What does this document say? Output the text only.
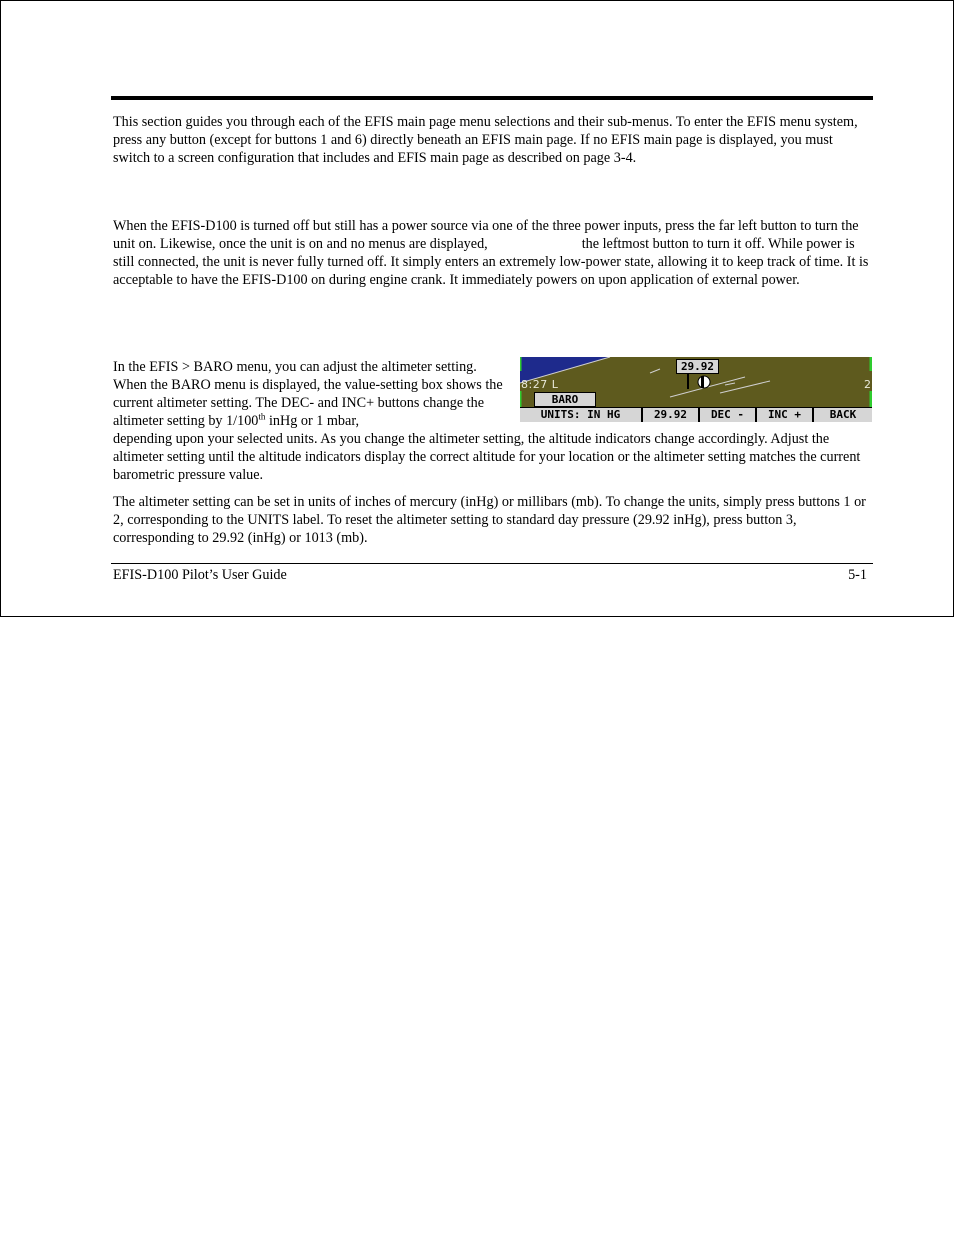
This section guides you through each of the EFIS main page menu selections and their sub-menus. To enter the EFIS menu system, press any button (except for buttons 1 and 6) directly beneath an EFIS main page. If no EFIS main page is displayed, you must switch to a screen configuration that includes and EFIS main page as described on page 3-4.

When the EFIS-D100 is turned off but still has a power source via one of the three power inputs, press the far left button to turn the unit on. Likewise, once the unit is on and no menus are displayed,	the leftmost button to turn it off. While power is still connected, the unit is never fully turned off. It simply enters an extremely low-power state, allowing it to keep track of time. It is acceptable to have the EFIS-D100 on during engine crank. It immediately powers on upon application of external power.

In the EFIS > BARO menu, you can adjust the altimeter setting. When the BARO menu is displayed, the value-setting box shows the current altimeter setting. The DEC- and INC+ buttons change the altimeter setting by 1/100th inHg or 1 mbar,
depending upon your selected units. As you change the altimeter setting, the altitude indicators change accordingly. Adjust the altimeter setting until the altitude indicators display the correct altitude for your location or the altimeter setting matches the current barometric pressure value.

The altimeter setting can be set in units of inches of mercury (inHg) or millibars (mb). To change the units, simply press buttons 1 or 2, corresponding to the UNITS label. To reset the altimeter setting to standard day pressure (29.92 inHg), press button 3, corresponding to 29.92 (inHg) or 1013 (mb).

29.92
8:27 L	2
BARO
UNITS: IN HG	29.92	DEC -	INC +	BACK
EFIS-D100 Pilot’s User Guide	5-1
